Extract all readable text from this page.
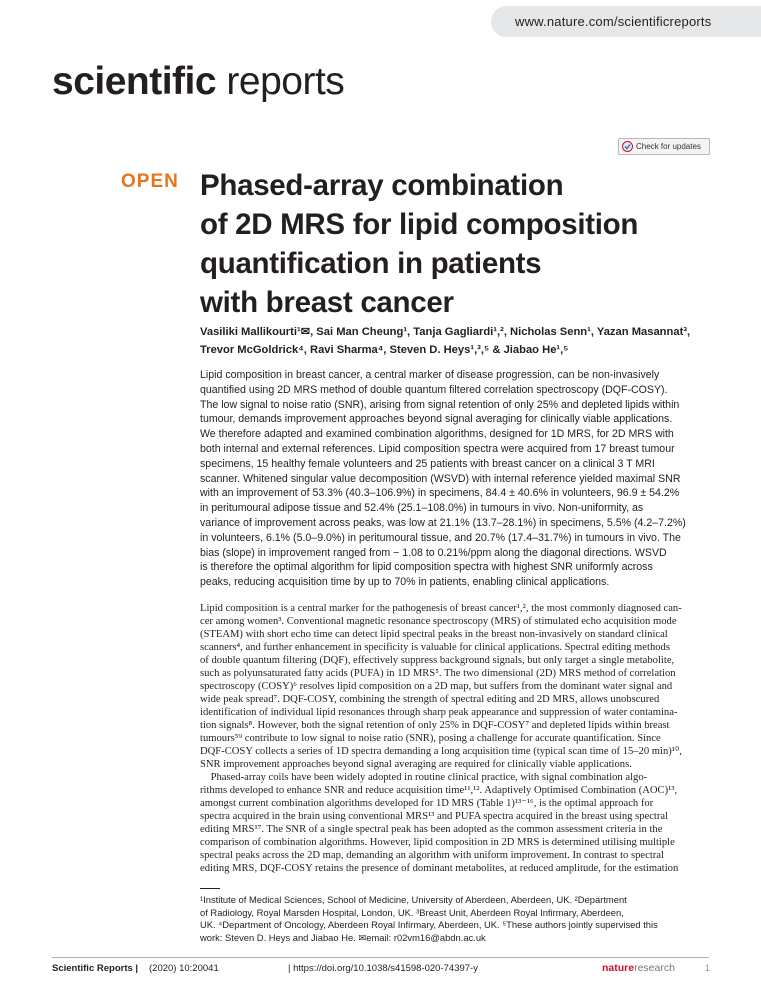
www.nature.com/scientificreports
scientific reports
Check for updates
OPEN Phased‑array combination
of 2D MRS for lipid composition
quantification in patients
with breast cancer
Vasiliki Mallikourti¹✉, Sai Man Cheung¹, Tanja Gagliardi¹,², Nicholas Senn¹, Yazan Masannat³,
Trevor McGoldrick⁴, Ravi Sharma⁴, Steven D. Heys¹,³,⁵ & Jiabao He¹,⁵
Lipid composition in breast cancer, a central marker of disease progression, can be non-invasively
quantified using 2D MRS method of double quantum filtered correlation spectroscopy (DQF-COSY).
The low signal to noise ratio (SNR), arising from signal retention of only 25% and depleted lipids within
tumour, demands improvement approaches beyond signal averaging for clinically viable applications.
We therefore adapted and examined combination algorithms, designed for 1D MRS, for 2D MRS with
both internal and external references. Lipid composition spectra were acquired from 17 breast tumour
specimens, 15 healthy female volunteers and 25 patients with breast cancer on a clinical 3 T MRI
scanner. Whitened singular value decomposition (WSVD) with internal reference yielded maximal SNR
with an improvement of 53.3% (40.3–106.9%) in specimens, 84.4 ± 40.6% in volunteers, 96.9 ± 54.2%
in peritumoural adipose tissue and 52.4% (25.1–108.0%) in tumours in vivo. Non-uniformity, as
variance of improvement across peaks, was low at 21.1% (13.7–28.1%) in specimens, 5.5% (4.2–7.2%)
in volunteers, 6.1% (5.0–9.0%) in peritumoural tissue, and 20.7% (17.4–31.7%) in tumours in vivo. The
bias (slope) in improvement ranged from − 1.08 to 0.21%/ppm along the diagonal directions. WSVD
is therefore the optimal algorithm for lipid composition spectra with highest SNR uniformly across
peaks, reducing acquisition time by up to 70% in patients, enabling clinical applications.
Lipid composition is a central marker for the pathogenesis of breast cancer¹,², the most commonly diagnosed can-
cer among women³. Conventional magnetic resonance spectroscopy (MRS) of stimulated echo acquisition mode
(STEAM) with short echo time can detect lipid spectral peaks in the breast non-invasively on standard clinical
scanners⁴, and further enhancement in specificity is valuable for clinical applications. Spectral editing methods
of double quantum filtering (DQF), effectively suppress background signals, but only target a single metabolite,
such as polyunsaturated fatty acids (PUFA) in 1D MRS⁵. The two dimensional (2D) MRS method of correlation
spectroscopy (COSY)⁶ resolves lipid composition on a 2D map, but suffers from the dominant water signal and
wide peak spread⁷. DQF-COSY, combining the strength of spectral editing and 2D MRS, allows unobscured
identification of individual lipid resonances through sharp peak appearance and suppression of water contamina-
tion signals⁸. However, both the signal retention of only 25% in DQF-COSY⁷ and depleted lipids within breast
tumours⁵⁹ contribute to low signal to noise ratio (SNR), posing a challenge for accurate quantification. Since
DQF-COSY collects a series of 1D spectra demanding a long acquisition time (typical scan time of 15–20 min)¹⁰,
SNR improvement approaches beyond signal averaging are required for clinically viable applications.
Phased-array coils have been widely adopted in routine clinical practice, with signal combination algo-
rithms developed to enhance SNR and reduce acquisition time¹¹,¹². Adaptively Optimised Combination (AOC)¹³,
amongst current combination algorithms developed for 1D MRS (Table 1)¹³⁻¹⁶, is the optimal approach for
spectra acquired in the brain using conventional MRS¹³ and PUFA spectra acquired in the breast using spectral
editing MRS¹⁷. The SNR of a single spectral peak has been adopted as the common assessment criteria in the
comparison of combination algorithms. However, lipid composition in 2D MRS is determined utilising multiple
spectral peaks across the 2D map, demanding an algorithm with uniform improvement. In contrast to spectral
editing MRS, DQF-COSY retains the presence of dominant metabolites, at reduced amplitude, for the estimation
¹Institute of Medical Sciences, School of Medicine, University of Aberdeen, Aberdeen, UK. ²Department
of Radiology, Royal Marsden Hospital, London, UK. ³Breast Unit, Aberdeen Royal Infirmary, Aberdeen,
UK. ⁴Department of Oncology, Aberdeen Royal Infirmary, Aberdeen, UK. ⁵These authors jointly supervised this
work: Steven D. Heys and Jiabao He. ✉email: r02vm16@abdn.ac.uk
Scientific Reports | (2020) 10:20041	| https://doi.org/10.1038/s41598-020-74397-y	natureresearch	1
